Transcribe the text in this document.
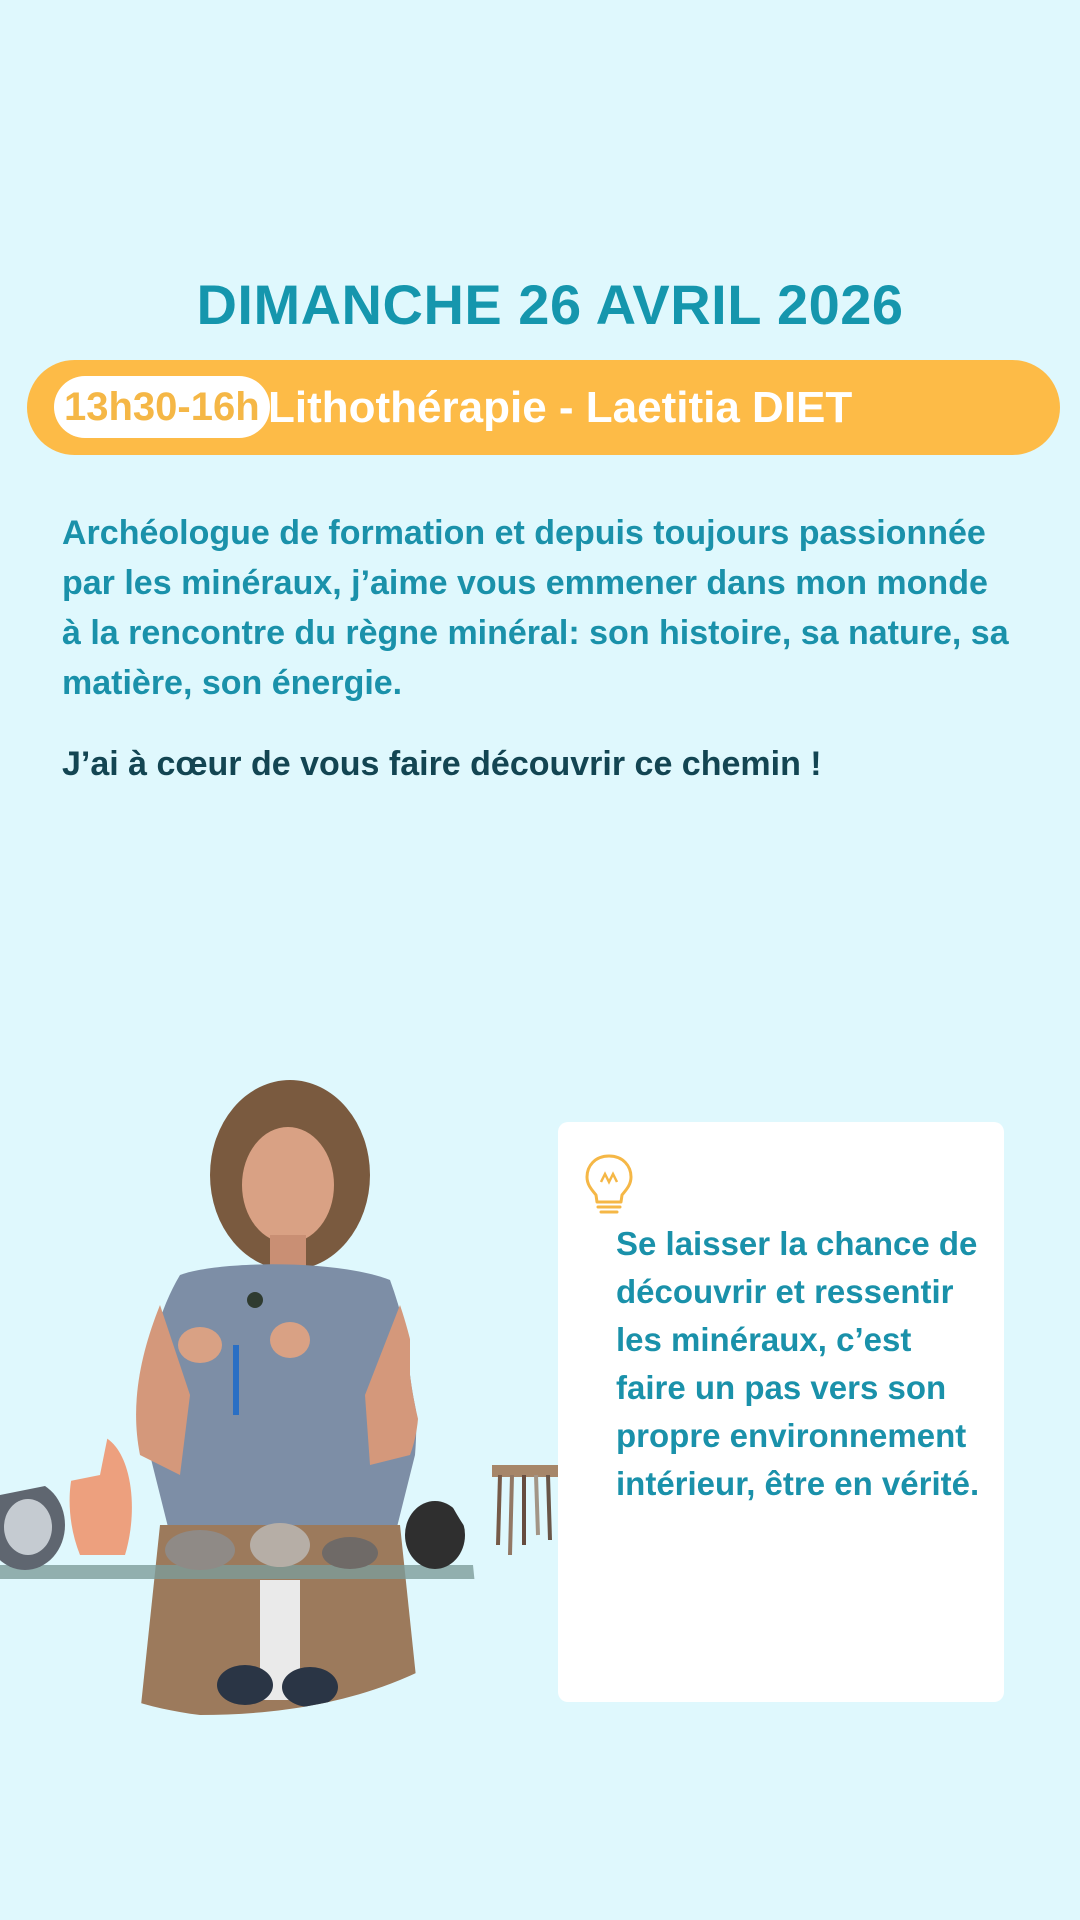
DIMANCHE 26 AVRIL 2026
13h30-16h Lithothérapie - Laetitia DIET

Archéologue de formation et depuis toujours passionnée par les minéraux, j’aime vous emmener dans mon monde à la rencontre du règne minéral: son histoire, sa nature, sa matière, son énergie.

J’ai à cœur de vous faire découvrir ce chemin !

Se laisser la chance de découvrir et ressentir les minéraux, c’est faire un pas vers son propre environnement intérieur, être en vérité.
